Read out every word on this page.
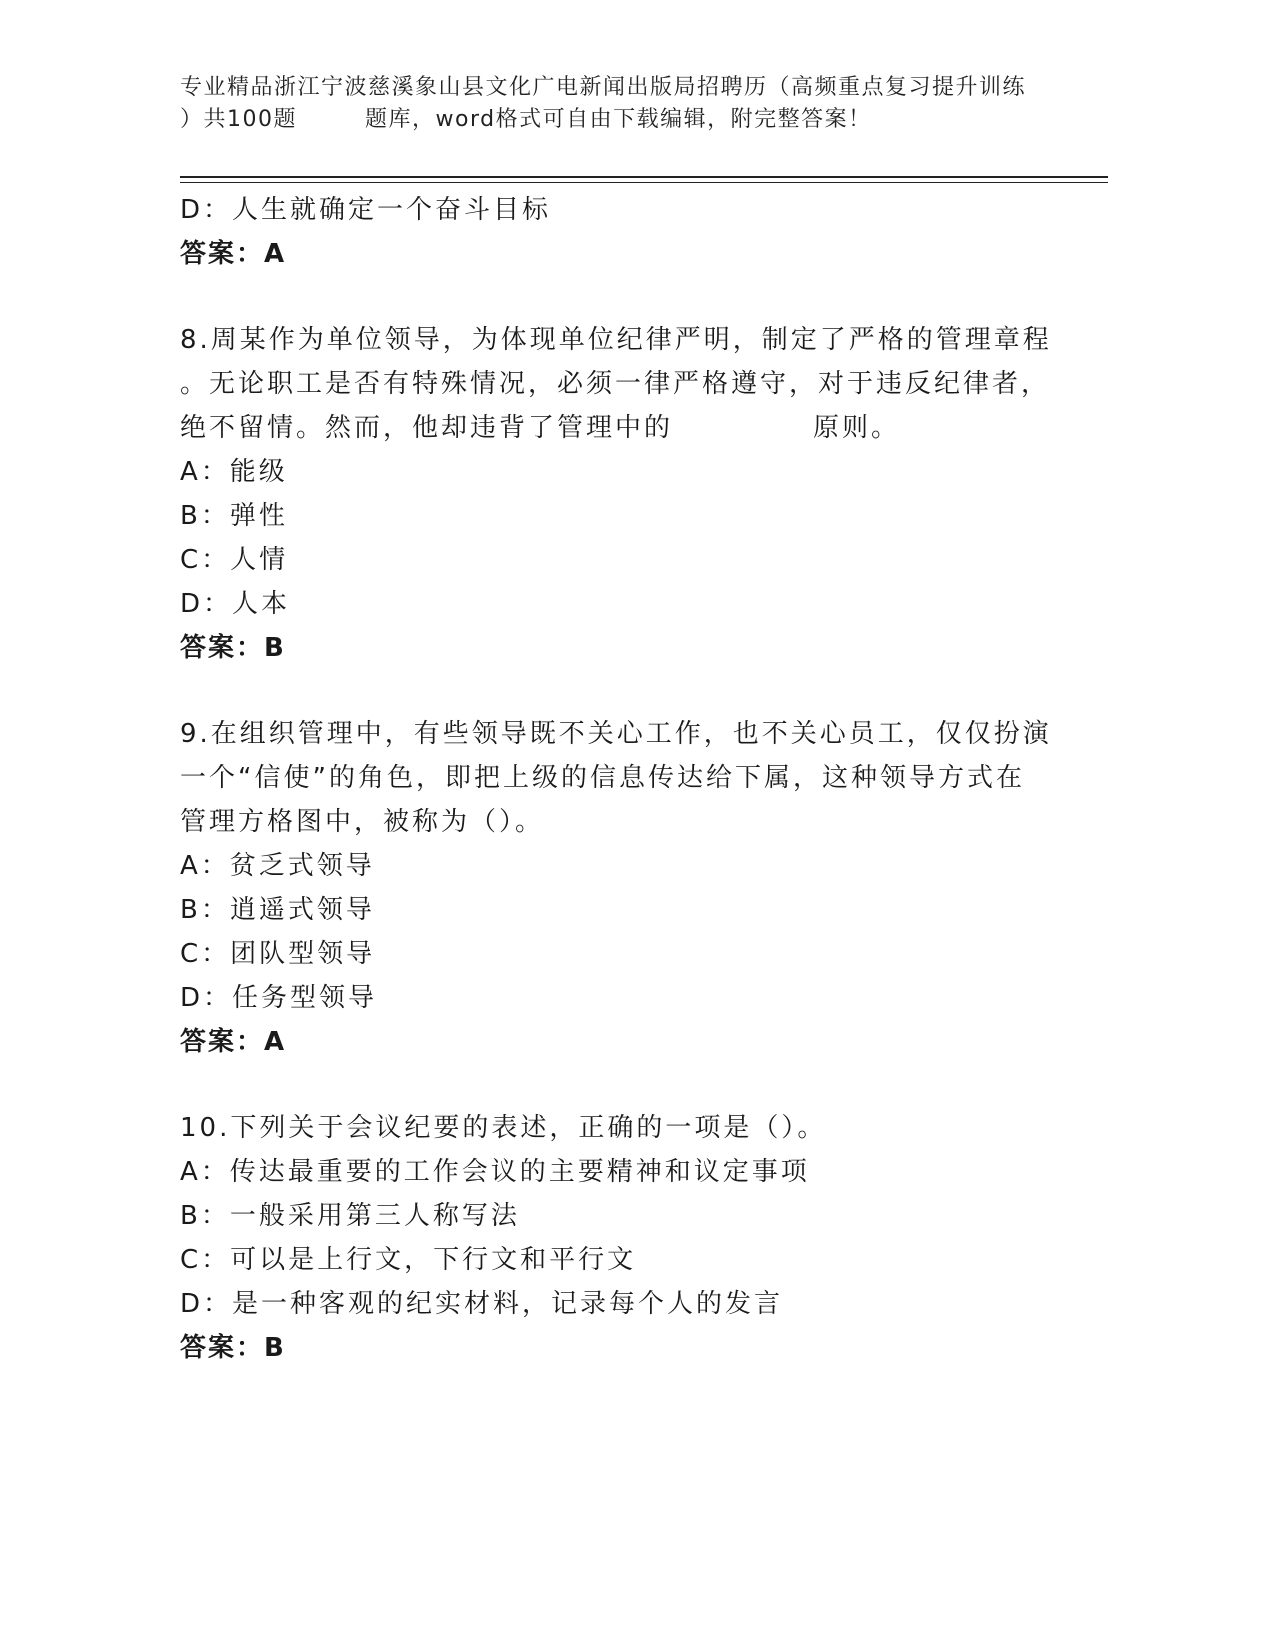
专业精品浙江宁波慈溪象山县文化广电新闻出版局招聘历（高频重点复习提升训练
）共100题	题库，word格式可自由下载编辑，附完整答案！
D：人生就确定一个奋斗目标
答案：A
8.周某作为单位领导，为体现单位纪律严明，制定了严格的管理章程
。无论职工是否有特殊情况，必须一律严格遵守，对于违反纪律者，
绝不留情。然而，他却违背了管理中的	原则。
A：能级
B：弹性
C：人情
D：人本
答案：B
9.在组织管理中，有些领导既不关心工作，也不关心员工，仅仅扮演
一个“信使”的角色，即把上级的信息传达给下属，这种领导方式在
管理方格图中，被称为（）。
A：贫乏式领导
B：逍遥式领导
C：团队型领导
D：任务型领导
答案：A
10.下列关于会议纪要的表述，正确的一项是（）。
A：传达最重要的工作会议的主要精神和议定事项
B：一般采用第三人称写法
C：可以是上行文，下行文和平行文
D：是一种客观的纪实材料，记录每个人的发言
答案：B
